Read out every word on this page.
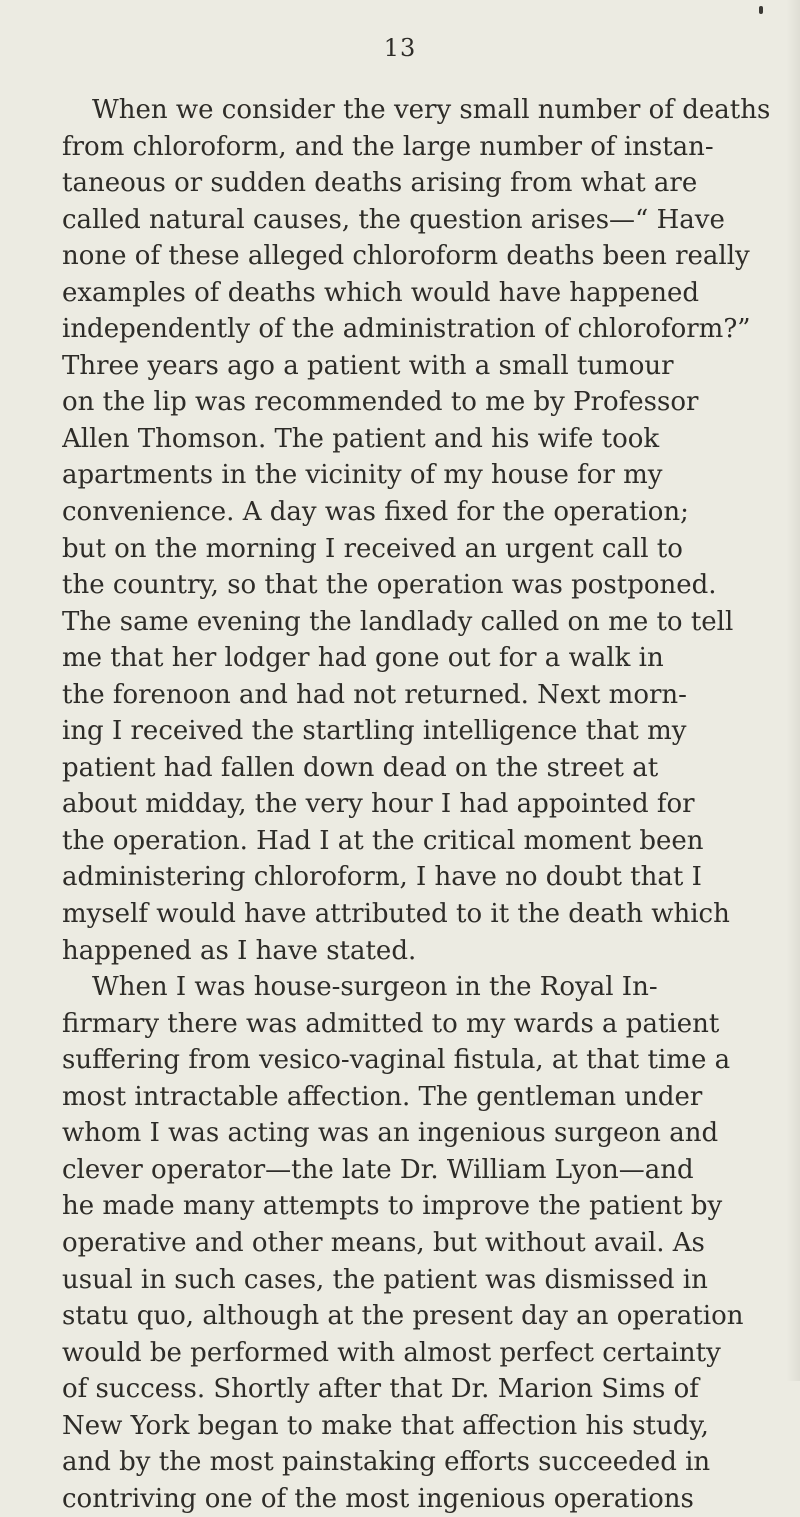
13
When we consider the very small number of deaths
from chloroform, and the large number of instan-
taneous or sudden deaths arising from what are
called natural causes, the question arises—“ Have
none of these alleged chloroform deaths been really
examples of deaths which would have happened
independently of the administration of chloroform?”
Three years ago a patient with a small tumour
on the lip was recommended to me by Professor
Allen Thomson. The patient and his wife took
apartments in the vicinity of my house for my
convenience. A day was fixed for the operation;
but on the morning I received an urgent call to
the country, so that the operation was postponed.
The same evening the landlady called on me to tell
me that her lodger had gone out for a walk in
the forenoon and had not returned. Next morn-
ing I received the startling intelligence that my
patient had fallen down dead on the street at
about midday, the very hour I had appointed for
the operation. Had I at the critical moment been
administering chloroform, I have no doubt that I
myself would have attributed to it the death which
happened as I have stated.
When I was house-surgeon in the Royal In-
firmary there was admitted to my wards a patient
suffering from vesico-vaginal fistula, at that time a
most intractable affection. The gentleman under
whom I was acting was an ingenious surgeon and
clever operator—the late Dr. William Lyon—and
he made many attempts to improve the patient by
operative and other means, but without avail. As
usual in such cases, the patient was dismissed in
statu quo, although at the present day an operation
would be performed with almost perfect certainty
of success. Shortly after that Dr. Marion Sims of
New York began to make that affection his study,
and by the most painstaking efforts succeeded in
contriving one of the most ingenious operations
